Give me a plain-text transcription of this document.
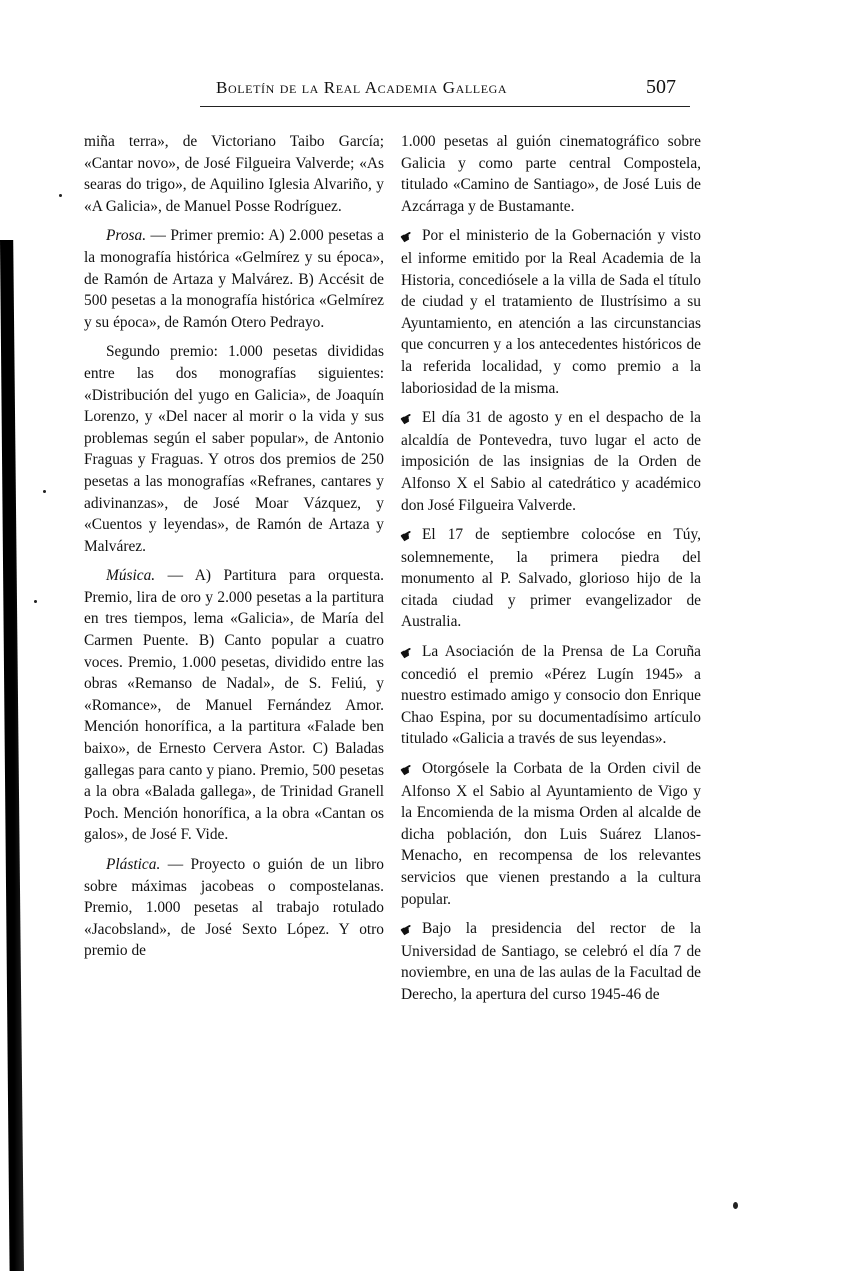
Boletín de la Real Academia Gallega	507

miña terra», de Victoriano Taibo García; «Cantar novo», de José Filgueira Valverde; «As searas do trigo», de Aquilino Iglesia Alvariño, y «A Galicia», de Manuel Posse Rodríguez.

Prosa. — Primer premio: A) 2.000 pesetas a la monografía histórica «Gelmírez y su época», de Ramón de Artaza y Malvárez. B) Accésit de 500 pesetas a la monografía histórica «Gelmírez y su época», de Ramón Otero Pedrayo.

Segundo premio: 1.000 pesetas divididas entre las dos monografías siguientes: «Distribución del yugo en Galicia», de Joaquín Lorenzo, y «Del nacer al morir o la vida y sus problemas según el saber popular», de Antonio Fraguas y Fraguas. Y otros dos premios de 250 pesetas a las monografías «Refranes, cantares y adivinanzas», de José Moar Vázquez, y «Cuentos y leyendas», de Ramón de Artaza y Malvárez.

Música. — A) Partitura para orquesta. Premio, lira de oro y 2.000 pesetas a la partitura en tres tiempos, lema «Galicia», de María del Carmen Puente. B) Canto popular a cuatro voces. Premio, 1.000 pesetas, dividido entre las obras «Remanso de Nadal», de S. Feliú, y «Romance», de Manuel Fernández Amor. Mención honorífica, a la partitura «Falade ben baixo», de Ernesto Cervera Astor. C) Baladas gallegas para canto y piano. Premio, 500 pesetas a la obra «Balada gallega», de Trinidad Granell Poch. Mención honorífica, a la obra «Cantan os galos», de José F. Vide.

Plástica. — Proyecto o guión de un libro sobre máximas jacobeas o compostelanas. Premio, 1.000 pesetas al trabajo rotulado «Jacobsland», de José Sexto López. Y otro premio de

1.000 pesetas al guión cinematográfico sobre Galicia y como parte central Compostela, titulado «Camino de Santiago», de José Luis de Azcárraga y de Bustamante.

☛ Por el ministerio de la Gobernación y visto el informe emitido por la Real Academia de la Historia, concediósele a la villa de Sada el título de ciudad y el tratamiento de Ilustrísimo a su Ayuntamiento, en atención a las circunstancias que concurren y a los antecedentes históricos de la referida localidad, y como premio a la laboriosidad de la misma.

☛ El día 31 de agosto y en el despacho de la alcaldía de Pontevedra, tuvo lugar el acto de imposición de las insignias de la Orden de Alfonso X el Sabio al catedrático y académico don José Filgueira Valverde.

☛ El 17 de septiembre colocóse en Túy, solemnemente, la primera piedra del monumento al P. Salvado, glorioso hijo de la citada ciudad y primer evangelizador de Australia.

☛ La Asociación de la Prensa de La Coruña concedió el premio «Pérez Lugín 1945» a nuestro estimado amigo y consocio don Enrique Chao Espina, por su documentadísimo artículo titulado «Galicia a través de sus leyendas».

☛ Otorgósele la Corbata de la Orden civil de Alfonso X el Sabio al Ayuntamiento de Vigo y la Encomienda de la misma Orden al alcalde de dicha población, don Luis Suárez Llanos-Menacho, en recompensa de los relevantes servicios que vienen prestando a la cultura popular.

☛ Bajo la presidencia del rector de la Universidad de Santiago, se celebró el día 7 de noviembre, en una de las aulas de la Facultad de Derecho, la apertura del curso 1945-46 de
